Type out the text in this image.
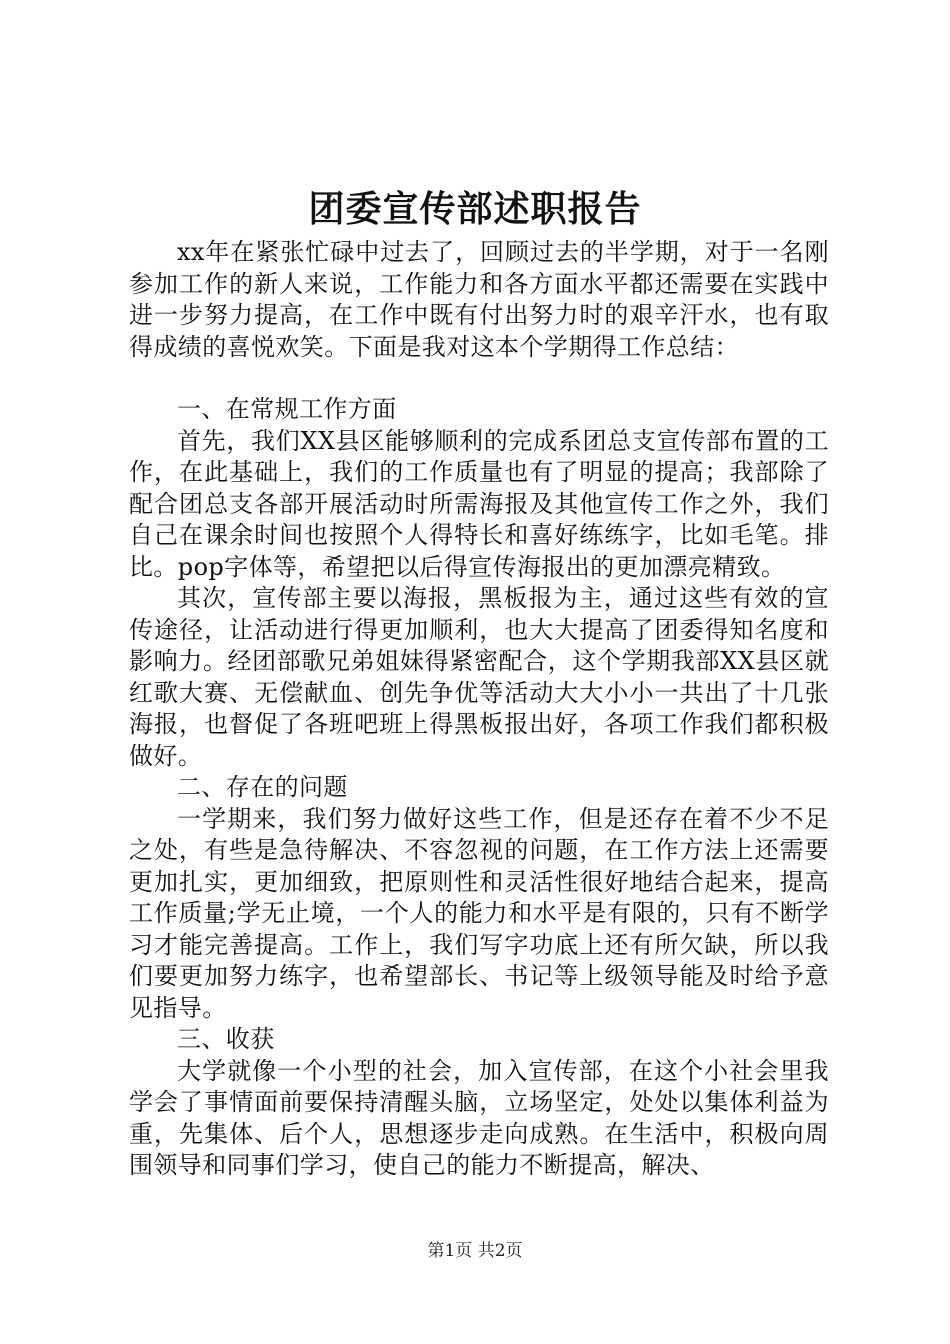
团委宣传部述职报告

xx年在紧张忙碌中过去了，回顾过去的半学期，对于一名刚参加工作的新人来说，工作能力和各方面水平都还需要在实践中进一步努力提高，在工作中既有付出努力时的艰辛汗水，也有取得成绩的喜悦欢笑。下面是我对这本个学期得工作总结：

一、在常规工作方面

首先，我们XX县区能够顺利的完成系团总支宣传部布置的工作，在此基础上，我们的工作质量也有了明显的提高；我部除了配合团总支各部开展活动时所需海报及其他宣传工作之外，我们自己在课余时间也按照个人得特长和喜好练练字，比如毛笔。排比。pop字体等，希望把以后得宣传海报出的更加漂亮精致。

其次，宣传部主要以海报，黑板报为主，通过这些有效的宣传途径，让活动进行得更加顺利，也大大提高了团委得知名度和影响力。经团部歌兄弟姐妹得紧密配合，这个学期我部XX县区就红歌大赛、无偿献血、创先争优等活动大大小小一共出了十几张海报，也督促了各班吧班上得黑板报出好，各项工作我们都积极做好。

二、存在的问题

一学期来，我们努力做好这些工作，但是还存在着不少不足之处，有些是急待解决、不容忽视的问题，在工作方法上还需要更加扎实，更加细致，把原则性和灵活性很好地结合起来，提高工作质量;学无止境，一个人的能力和水平是有限的，只有不断学习才能完善提高。工作上，我们写字功底上还有所欠缺，所以我们要更加努力练字，也希望部长、书记等上级领导能及时给予意见指导。

三、收获

大学就像一个小型的社会，加入宣传部，在这个小社会里我学会了事情面前要保持清醒头脑，立场坚定，处处以集体利益为重，先集体、后个人，思想逐步走向成熟。在生活中，积极向周围领导和同事们学习，使自己的能力不断提高，解决、

第1页 共2页
